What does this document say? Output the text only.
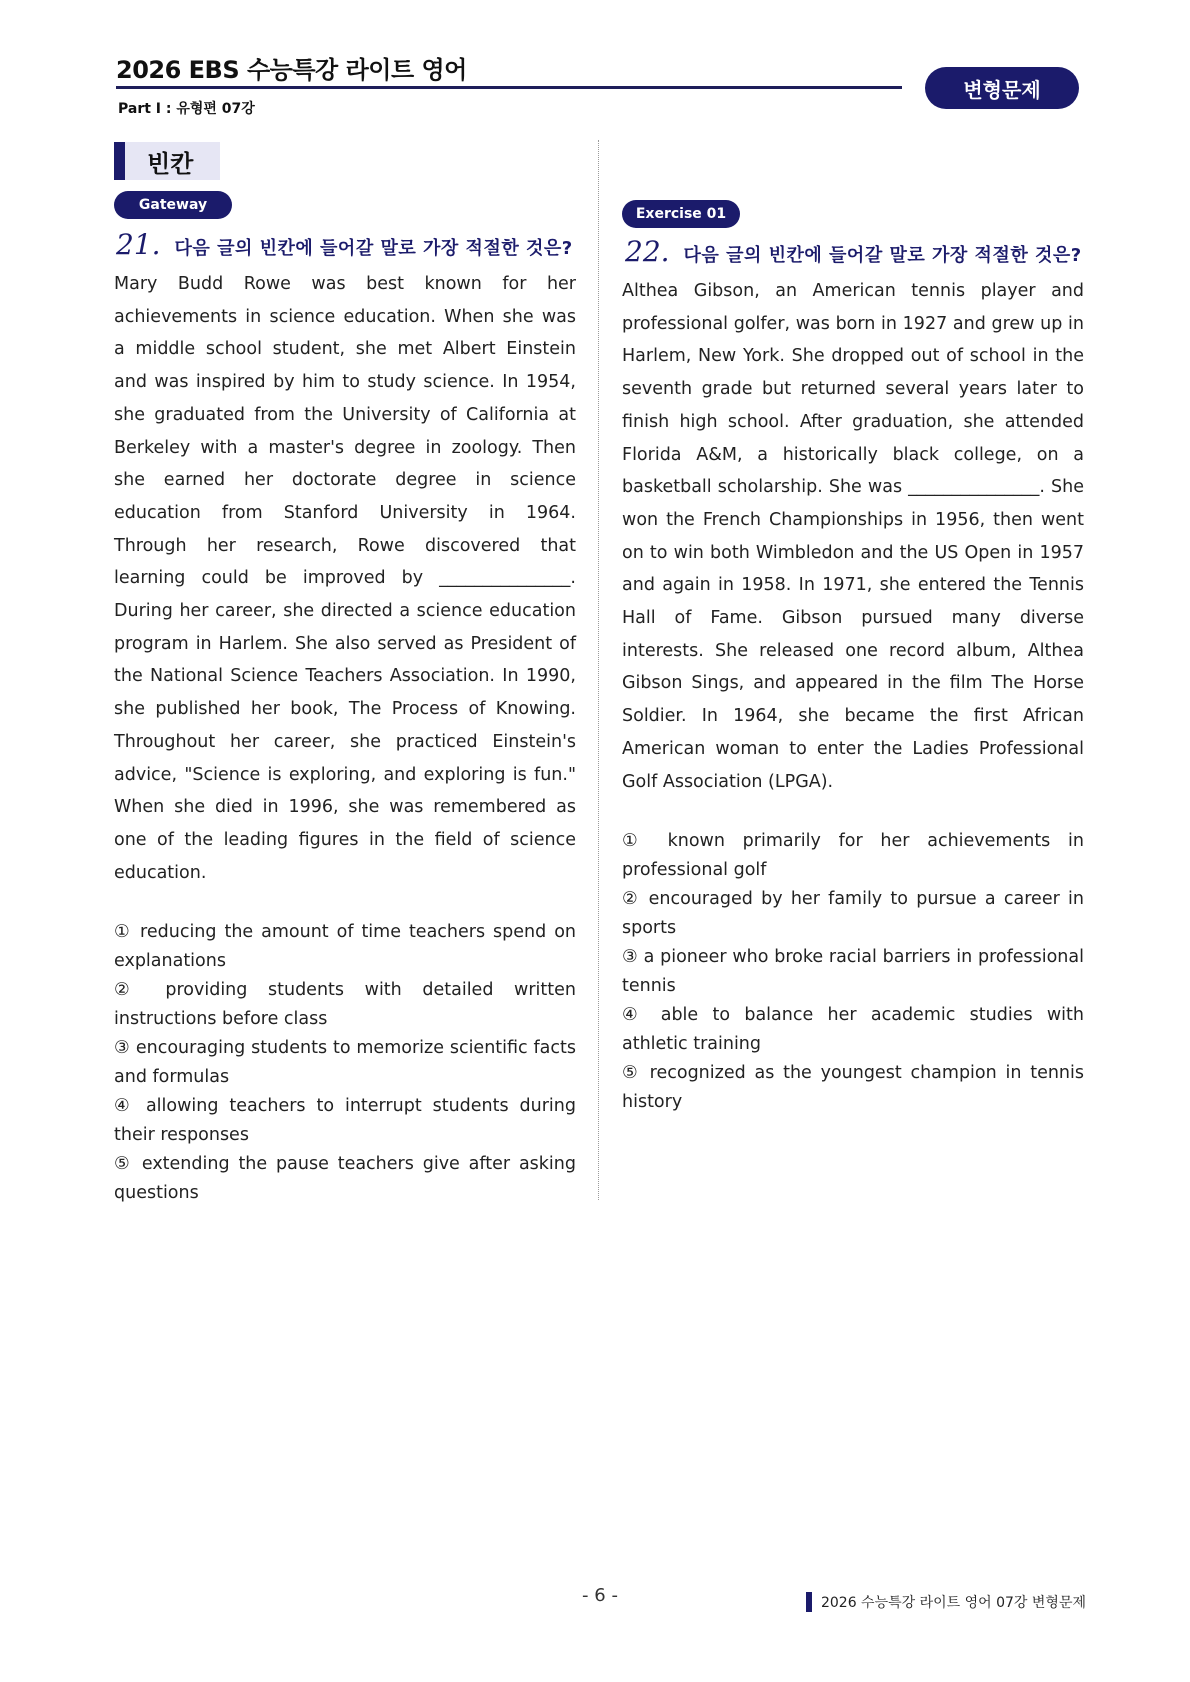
2026 EBS 수능특강 라이트 영어
Part Ⅰ : 유형편 07강
변형문제
빈칸
Gateway
21. 다음 글의 빈칸에 들어갈 말로 가장 적절한 것은?

Mary Budd Rowe was best known for her achievements in science education. When she was a middle school student, she met Albert Einstein and was inspired by him to study science. In 1954, she graduated from the University of California at Berkeley with a master's degree in zoology. Then she earned her doctorate degree in science education from Stanford University in 1964. Through her research, Rowe discovered that learning could be improved by _______________. During her career, she directed a science education program in Harlem. She also served as President of the National Science Teachers Association. In 1990, she published her book, The Process of Knowing. Throughout her career, she practiced Einstein's advice, "Science is exploring, and exploring is fun." When she died in 1996, she was remembered as one of the leading figures in the field of science education.

① reducing the amount of time teachers spend on explanations
② providing students with detailed written instructions before class
③ encouraging students to memorize scientific facts and formulas
④ allowing teachers to interrupt students during their responses
⑤ extending the pause teachers give after asking questions
Exercise 01
22. 다음 글의 빈칸에 들어갈 말로 가장 적절한 것은?

Althea Gibson, an American tennis player and professional golfer, was born in 1927 and grew up in Harlem, New York. She dropped out of school in the seventh grade but returned several years later to finish high school. After graduation, she attended Florida A&M, a historically black college, on a basketball scholarship. She was _______________. She won the French Championships in 1956, then went on to win both Wimbledon and the US Open in 1957 and again in 1958. In 1971, she entered the Tennis Hall of Fame. Gibson pursued many diverse interests. She released one record album, Althea Gibson Sings, and appeared in the film The Horse Soldier. In 1964, she became the first African American woman to enter the Ladies Professional Golf Association (LPGA).

① known primarily for her achievements in professional golf
② encouraged by her family to pursue a career in sports
③ a pioneer who broke racial barriers in professional tennis
④ able to balance her academic studies with athletic training
⑤ recognized as the youngest champion in tennis history
- 6 -	2026 수능특강 라이트 영어 07강 변형문제
